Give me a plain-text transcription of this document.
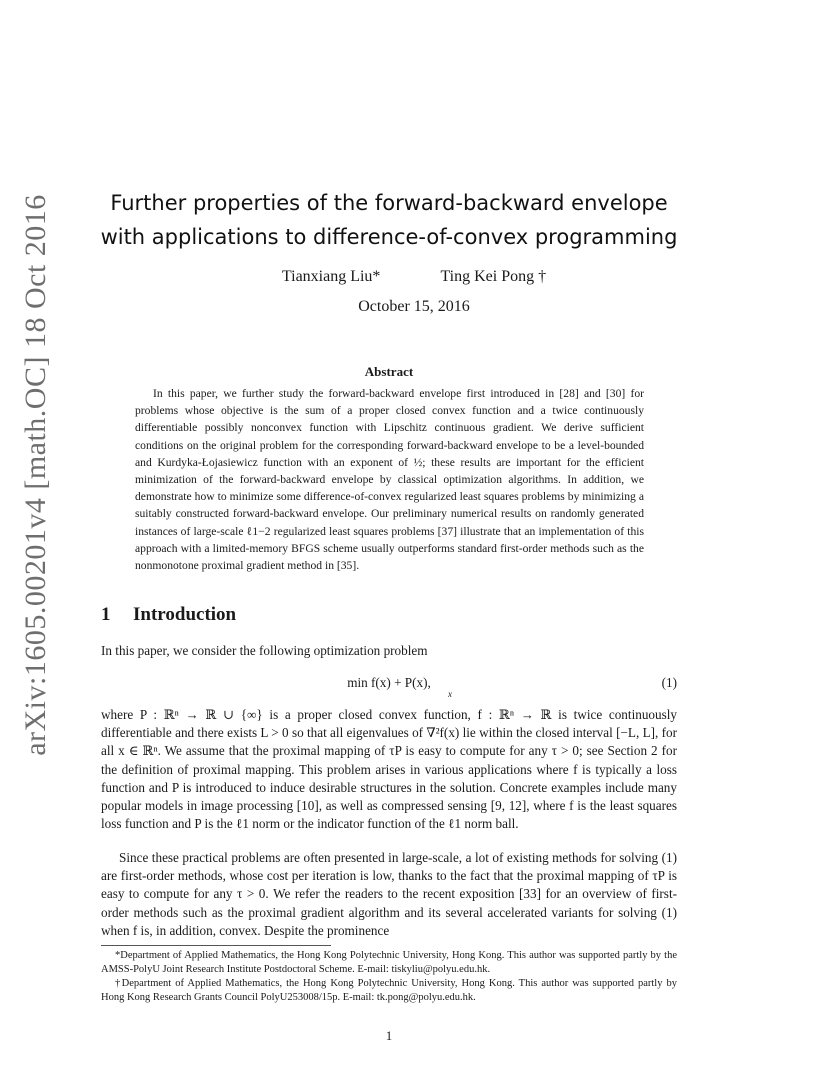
arXiv:1605.00201v4 [math.OC] 18 Oct 2016	Further properties of the forward-backward envelope with applications to difference-of-convex programming
Tianxiang Liu*	Ting Kei Pong †
October 15, 2016
Abstract
In this paper, we further study the forward-backward envelope first introduced in [28] and [30] for problems whose objective is the sum of a proper closed convex function and a twice continuously differentiable possibly nonconvex function with Lipschitz continuous gradient. We derive sufficient conditions on the original problem for the corresponding forward-backward envelope to be a level-bounded and Kurdyka-Łojasiewicz function with an exponent of ½; these results are important for the efficient minimization of the forward-backward envelope by classical optimization algorithms. In addition, we demonstrate how to minimize some difference-of-convex regularized least squares problems by minimizing a suitably constructed forward-backward envelope. Our preliminary numerical results on randomly generated instances of large-scale ℓ1−2 regularized least squares problems [37] illustrate that an implementation of this approach with a limited-memory BFGS scheme usually outperforms standard first-order methods such as the nonmonotone proximal gradient method in [35].
1 Introduction
In this paper, we consider the following optimization problem
min f(x) + P(x),
x
(1)
where P : ℝⁿ → ℝ ∪ {∞} is a proper closed convex function, f : ℝⁿ → ℝ is twice continuously differentiable and there exists L > 0 so that all eigenvalues of ∇²f(x) lie within the closed interval [−L, L], for all x ∈ ℝⁿ. We assume that the proximal mapping of τP is easy to compute for any τ > 0; see Section 2 for the definition of proximal mapping. This problem arises in various applications where f is typically a loss function and P is introduced to induce desirable structures in the solution. Concrete examples include many popular models in image processing [10], as well as compressed sensing [9, 12], where f is the least squares loss function and P is the ℓ1 norm or the indicator function of the ℓ1 norm ball.
Since these practical problems are often presented in large-scale, a lot of existing methods for solving (1) are first-order methods, whose cost per iteration is low, thanks to the fact that the proximal mapping of τP is easy to compute for any τ > 0. We refer the readers to the recent exposition [33] for an overview of first-order methods such as the proximal gradient algorithm and its several accelerated variants for solving (1) when f is, in addition, convex. Despite the prominence
*Department of Applied Mathematics, the Hong Kong Polytechnic University, Hong Kong. This author was supported partly by the AMSS-PolyU Joint Research Institute Postdoctoral Scheme. E-mail: tiskyliu@polyu.edu.hk.
†Department of Applied Mathematics, the Hong Kong Polytechnic University, Hong Kong. This author was supported partly by Hong Kong Research Grants Council PolyU253008/15p. E-mail: tk.pong@polyu.edu.hk.
1
